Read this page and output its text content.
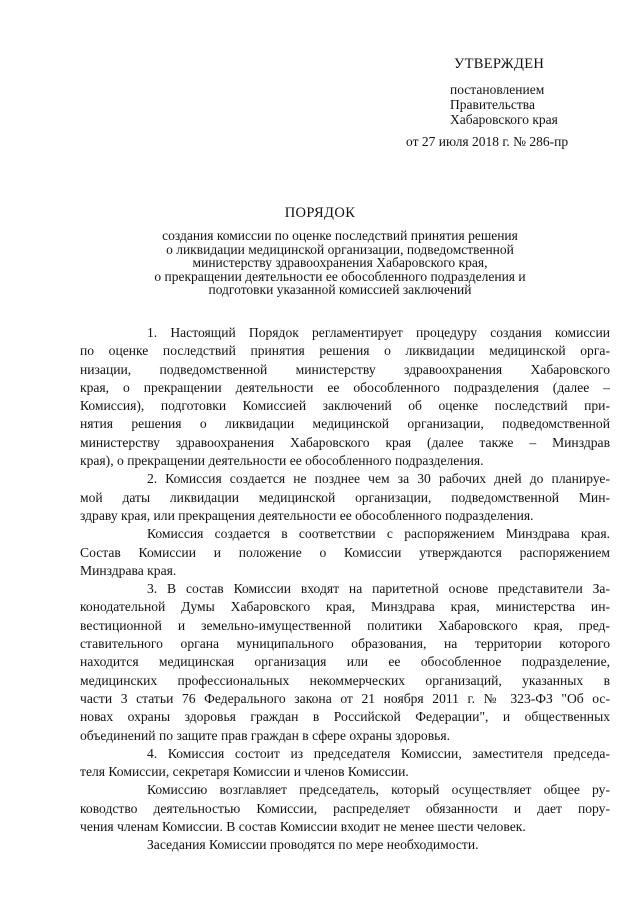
УТВЕРЖДЕН
постановлением
Правительства
Хабаровского края
от 27 июля 2018 г. № 286-пр
ПОРЯДОК
создания комиссии по оценке последствий принятия решения
о ликвидации медицинской организации, подведомственной
министерству здравоохранения Хабаровского края,
о прекращении деятельности ее обособленного подразделения и
подготовки указанной комиссией заключений
1. Настоящий Порядок регламентирует процедуру создания комиссии
по оценке последствий принятия решения о ликвидации медицинской орга-
низации, подведомственной министерству здравоохранения Хабаровского
края, о прекращении деятельности ее обособленного подразделения (далее –
Комиссия), подготовки Комиссией заключений об оценке последствий при-
нятия решения о ликвидации медицинской организации, подведомственной
министерству здравоохранения Хабаровского края (далее также – Минздрав
края), о прекращении деятельности ее обособленного подразделения.
2. Комиссия создается не позднее чем за 30 рабочих дней до планируе-
мой даты ликвидации медицинской организации, подведомственной Мин-
здраву края, или прекращения деятельности ее обособленного подразделения.
Комиссия создается в соответствии с распоряжением Минздрава края.
Состав Комиссии и положение о Комиссии утверждаются распоряжением
Минздрава края.
3. В состав Комиссии входят на паритетной основе представители За-
конодательной Думы Хабаровского края, Минздрава края, министерства ин-
вестиционной и земельно-имущественной политики Хабаровского края, пред-
ставительного органа муниципального образования, на территории которого
находится медицинская организация или ее обособленное подразделение,
медицинских профессиональных некоммерческих организаций, указанных в
части 3 статьи 76 Федерального закона от 21 ноября 2011 г. № 323-ФЗ "Об ос-
новах охраны здоровья граждан в Российской Федерации", и общественных
объединений по защите прав граждан в сфере охраны здоровья.
4. Комиссия состоит из председателя Комиссии, заместителя председа-
теля Комиссии, секретаря Комиссии и членов Комиссии.
Комиссию возглавляет председатель, который осуществляет общее ру-
ководство деятельностью Комиссии, распределяет обязанности и дает пору-
чения членам Комиссии. В состав Комиссии входит не менее шести человек.
Заседания Комиссии проводятся по мере необходимости.
